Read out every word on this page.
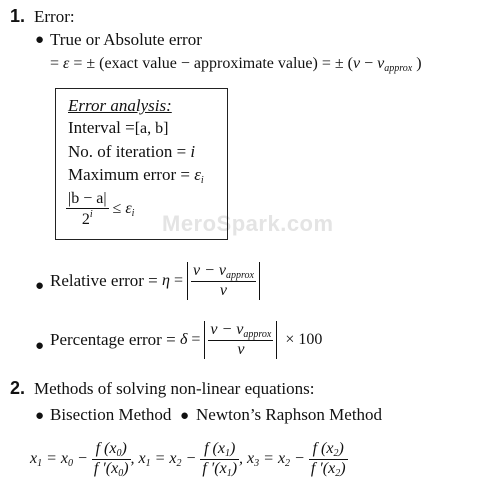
MeroSpark.com
1. Error:
● True or Absolute error
= ε = ± (exact value − approximate value) = ± ($v - v_{approx}$ )
Error analysis:
Interval =[a, b]
No. of iteration = i
Maximum error = $\varepsilon_i$
$\frac{|b - a|}{2^i} \le \varepsilon_i$
● Relative error = $\eta = \frac{v - v_{approx}}{v}$
● Percentage error = $\delta = \frac{v - v_{approx}}{v} \times 100$
2. Methods of solving non-linear equations:
● Bisection Method ● Newton’s Raphson Method
$x_1 = x_0 - \frac{f (x_0)}{f '(x_0)}$ , $x_1 = x_2 - \frac{f (x_1)}{f '(x_1)}$ , $x_3 = x_2 - \frac{f (x_2)}{f '(x_2)}$
